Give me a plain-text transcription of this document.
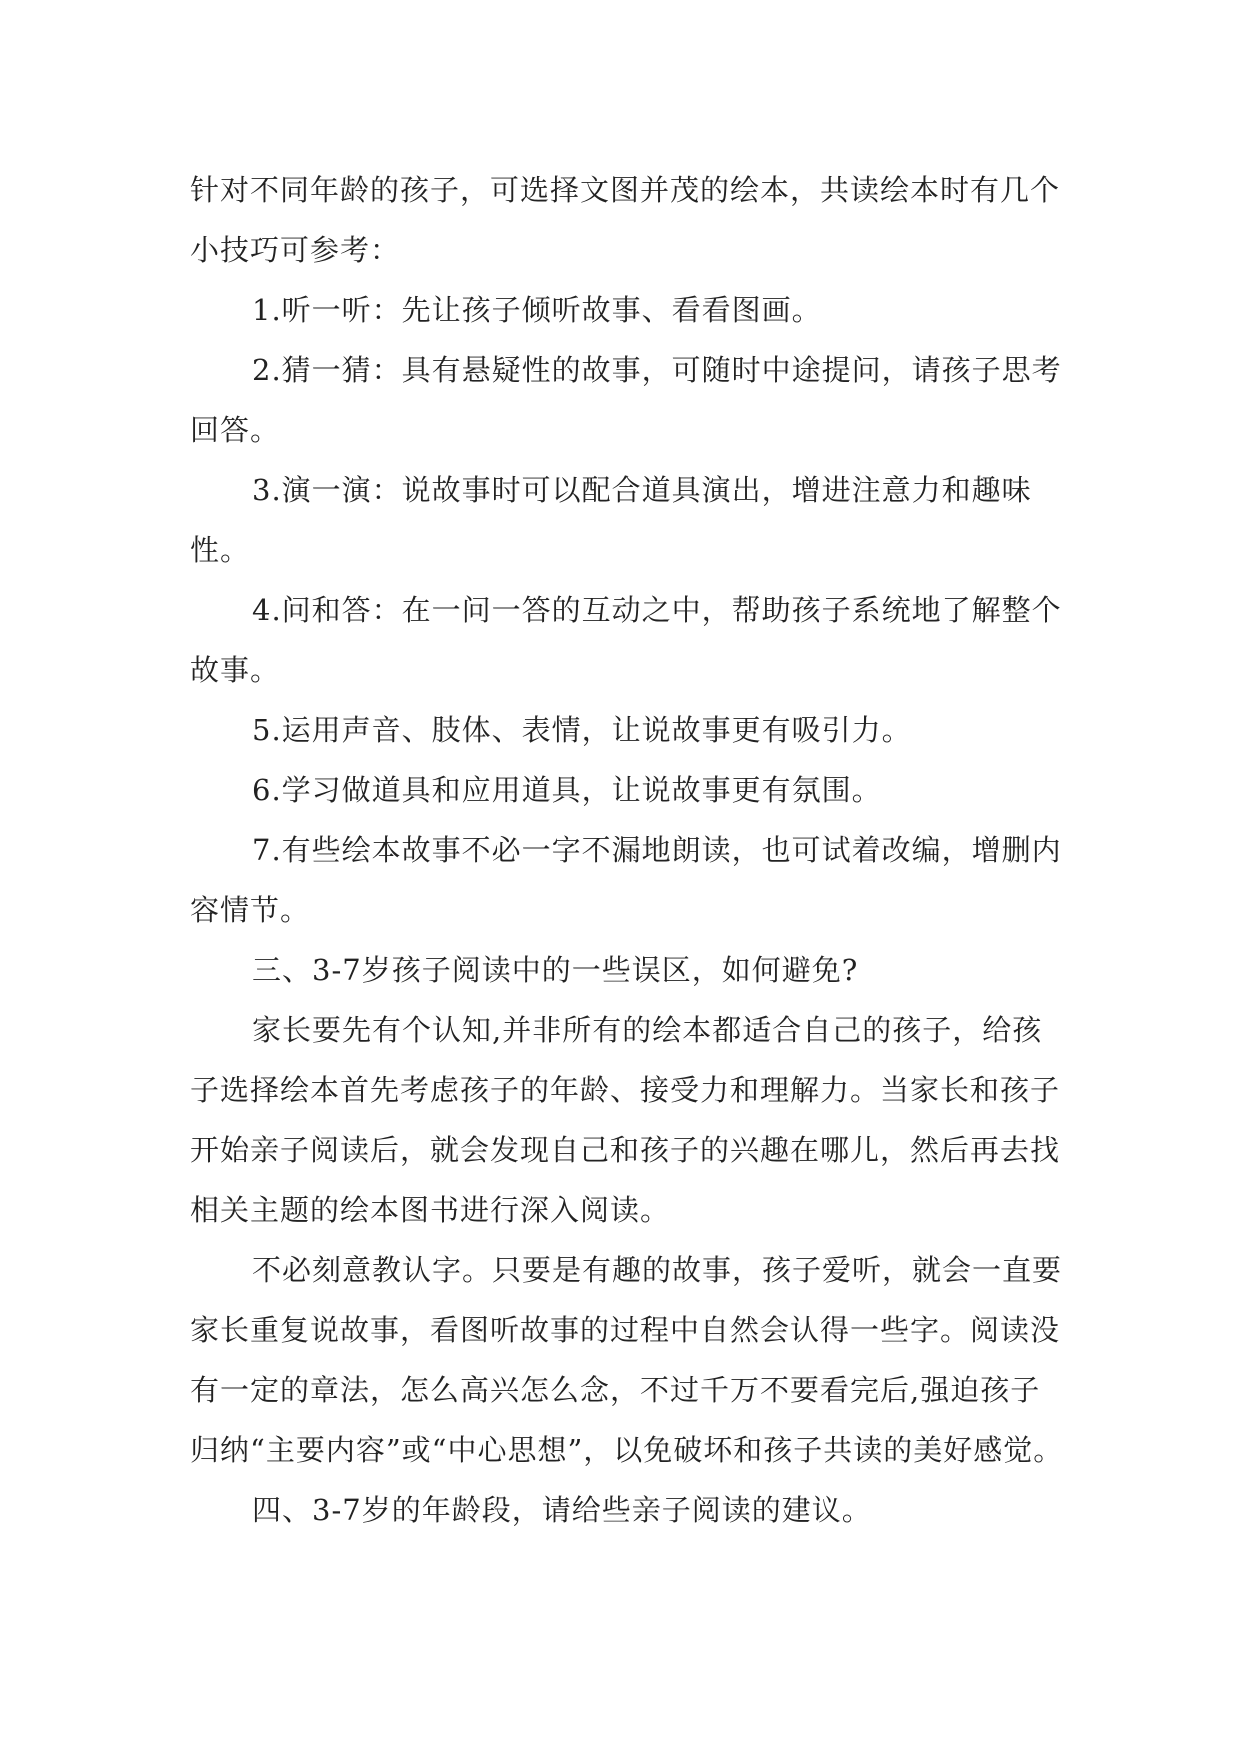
针对不同年龄的孩子，可选择文图并茂的绘本，共读绘本时有几个小技巧可参考：

1.听一听：先让孩子倾听故事、看看图画。

2.猜一猜：具有悬疑性的故事，可随时中途提问，请孩子思考回答。

3.演一演：说故事时可以配合道具演出，增进注意力和趣味性。

4.问和答：在一问一答的互动之中，帮助孩子系统地了解整个故事。

5.运用声音、肢体、表情，让说故事更有吸引力。

6.学习做道具和应用道具，让说故事更有氛围。

7.有些绘本故事不必一字不漏地朗读，也可试着改编，增删内容情节。

三、3-7岁孩子阅读中的一些误区，如何避免?

家长要先有个认知,并非所有的绘本都适合自己的孩子，给孩子选择绘本首先考虑孩子的年龄、接受力和理解力。当家长和孩子开始亲子阅读后，就会发现自己和孩子的兴趣在哪儿，然后再去找相关主题的绘本图书进行深入阅读。

不必刻意教认字。只要是有趣的故事，孩子爱听，就会一直要家长重复说故事，看图听故事的过程中自然会认得一些字。阅读没有一定的章法，怎么高兴怎么念，不过千万不要看完后,强迫孩子归纳“主要内容”或“中心思想”，以免破坏和孩子共读的美好感觉。

四、3-7岁的年龄段，请给些亲子阅读的建议。
